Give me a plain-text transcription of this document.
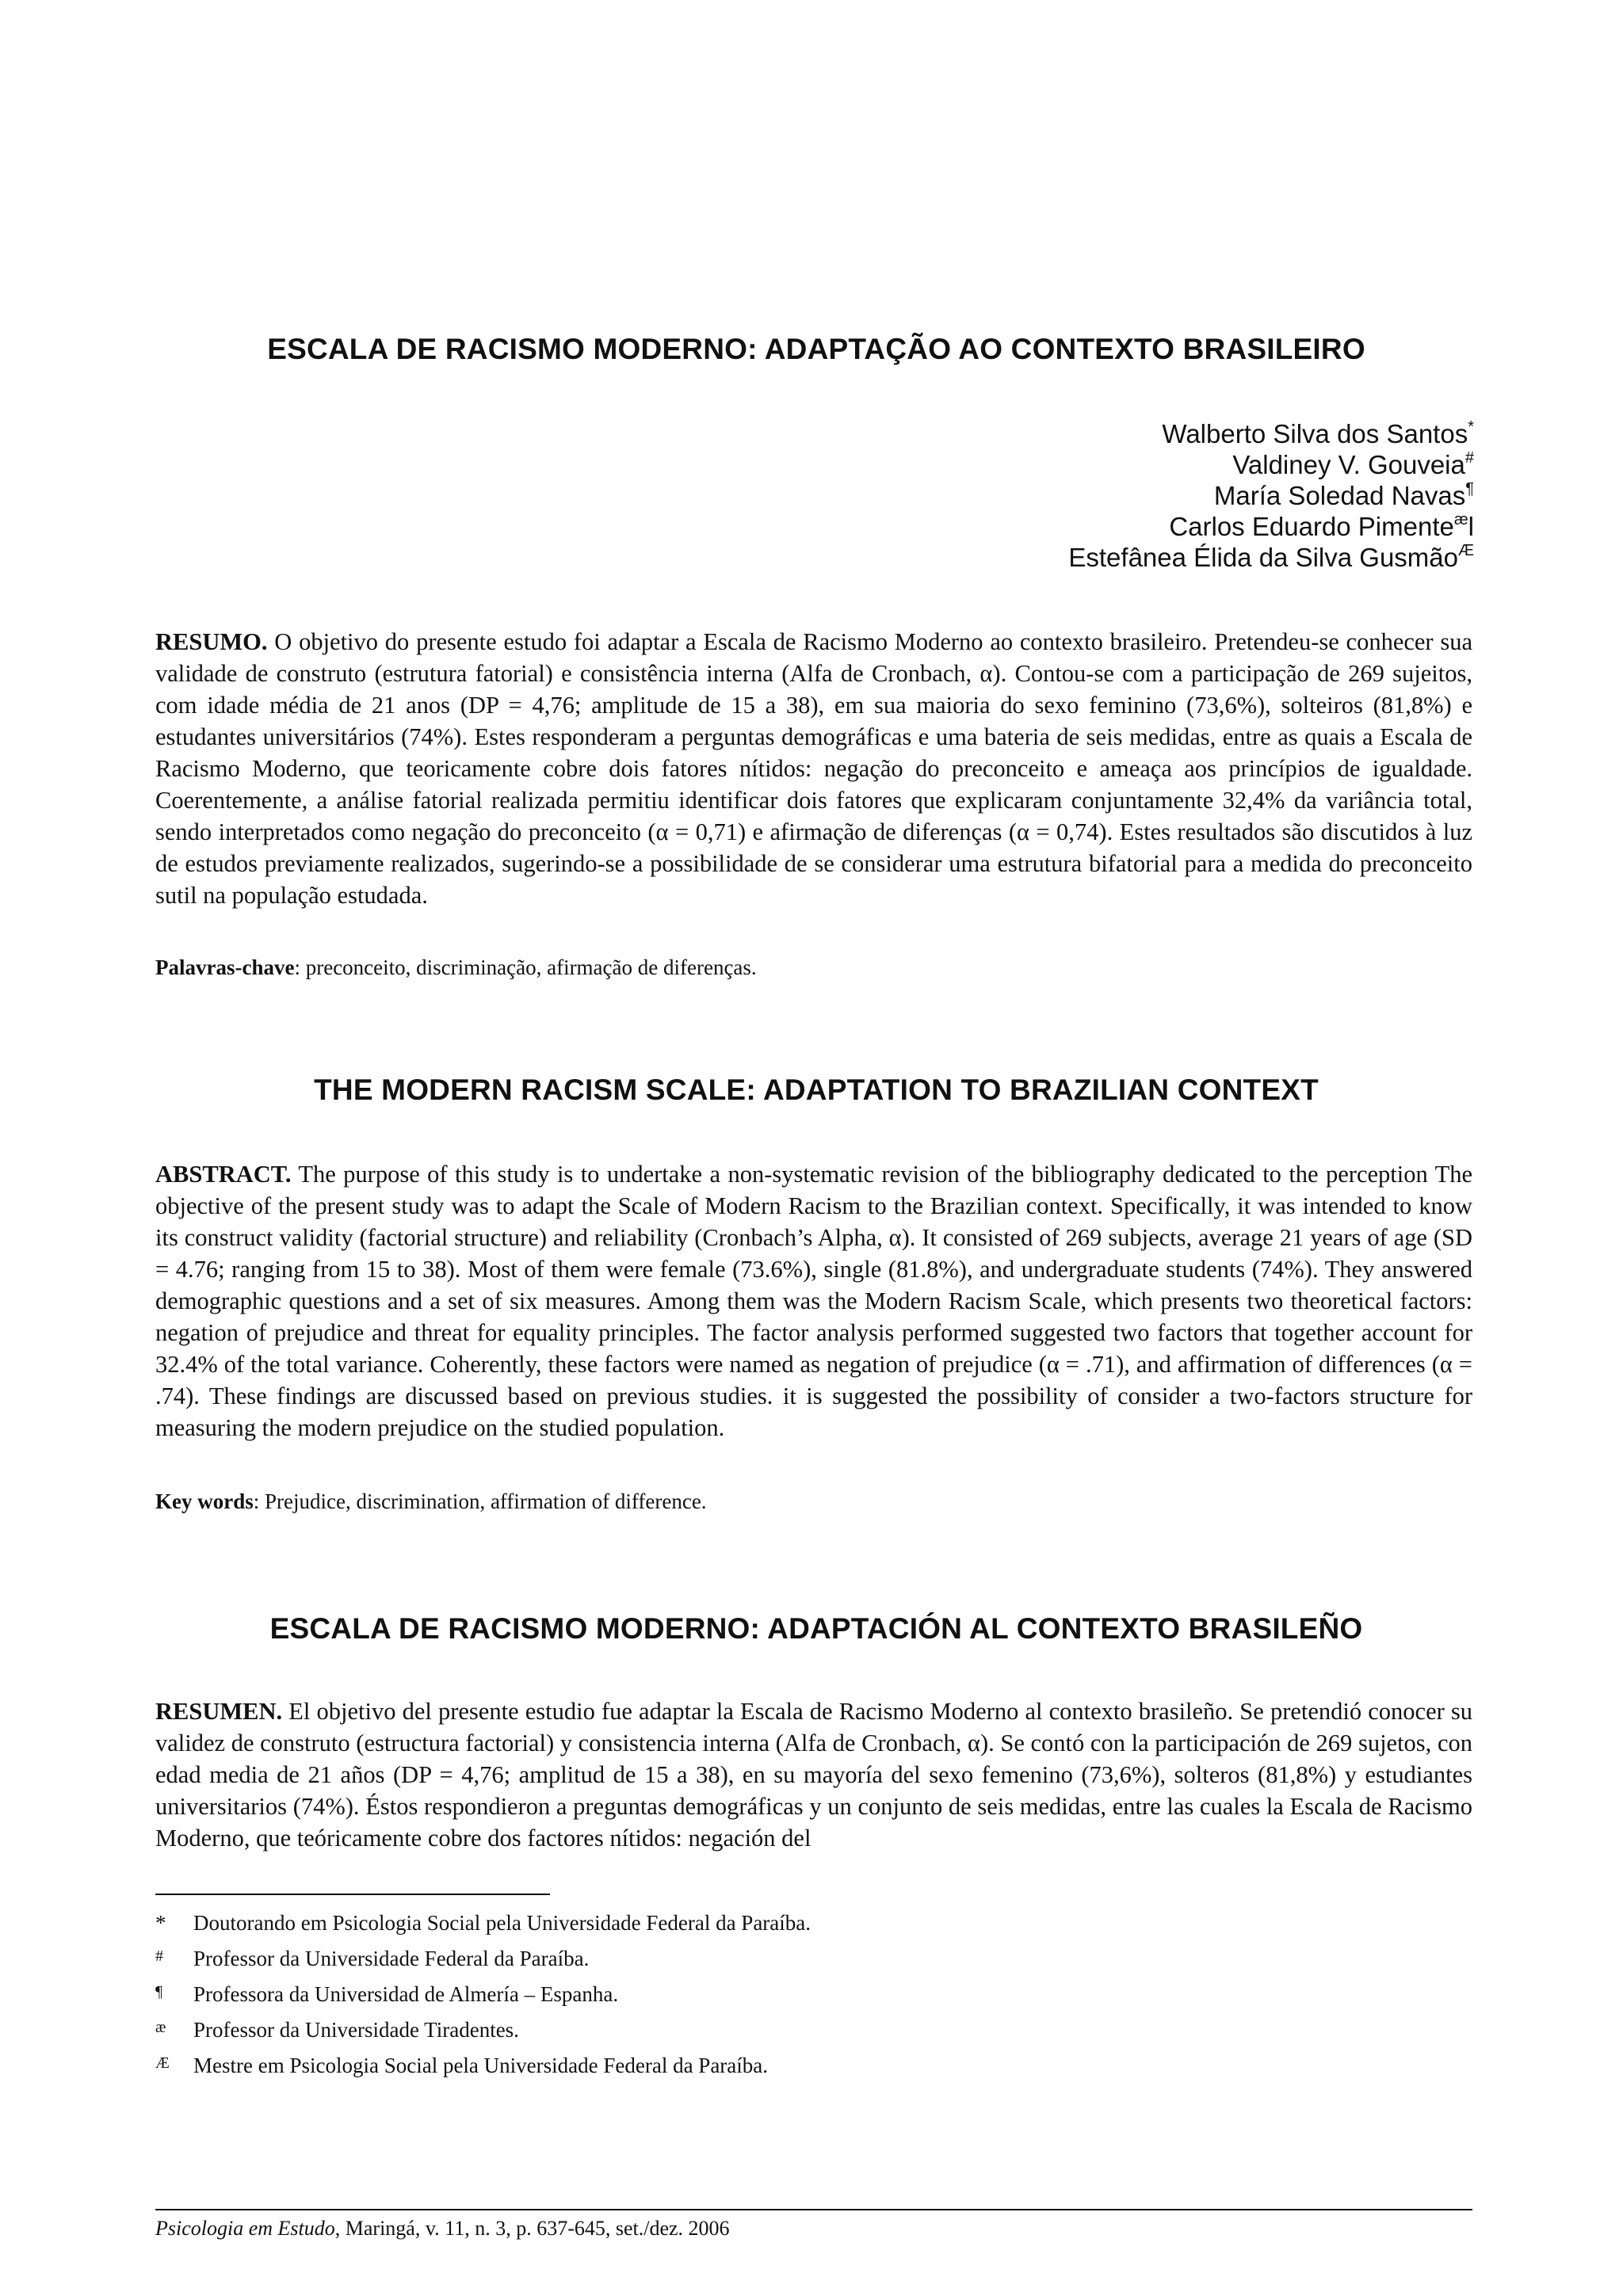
ESCALA DE RACISMO MODERNO: ADAPTAÇÃO AO CONTEXTO BRASILEIRO
Walberto Silva dos Santos*
Valdiney V. Gouveia#
María Soledad Navas¶
Carlos Eduardo Pimente$^æ$l
Estefânea Élida da Silva Gusmão$^Æ$
RESUMO. O objetivo do presente estudo foi adaptar a Escala de Racismo Moderno ao contexto brasileiro. Pretendeu-se conhecer sua validade de construto (estrutura fatorial) e consistência interna (Alfa de Cronbach, α). Contou-se com a participação de 269 sujeitos, com idade média de 21 anos (DP = 4,76; amplitude de 15 a 38), em sua maioria do sexo feminino (73,6%), solteiros (81,8%) e estudantes universitários (74%). Estes responderam a perguntas demográficas e uma bateria de seis medidas, entre as quais a Escala de Racismo Moderno, que teoricamente cobre dois fatores nítidos: negação do preconceito e ameaça aos princípios de igualdade. Coerentemente, a análise fatorial realizada permitiu identificar dois fatores que explicaram conjuntamente 32,4% da variância total, sendo interpretados como negação do preconceito (α = 0,71) e afirmação de diferenças (α = 0,74). Estes resultados são discutidos à luz de estudos previamente realizados, sugerindo-se a possibilidade de se considerar uma estrutura bifatorial para a medida do preconceito sutil na população estudada.
Palavras-chave: preconceito, discriminação, afirmação de diferenças.
THE MODERN RACISM SCALE: ADAPTATION TO BRAZILIAN CONTEXT
ABSTRACT. The purpose of this study is to undertake a non-systematic revision of the bibliography dedicated to the perception The objective of the present study was to adapt the Scale of Modern Racism to the Brazilian context. Specifically, it was intended to know its construct validity (factorial structure) and reliability (Cronbach’s Alpha, α). It consisted of 269 subjects, average 21 years of age (SD = 4.76; ranging from 15 to 38). Most of them were female (73.6%), single (81.8%), and undergraduate students (74%). They answered demographic questions and a set of six measures. Among them was the Modern Racism Scale, which presents two theoretical factors: negation of prejudice and threat for equality principles. The factor analysis performed suggested two factors that together account for 32.4% of the total variance. Coherently, these factors were named as negation of prejudice (α = .71), and affirmation of differences (α = .74). These findings are discussed based on previous studies. it is suggested the possibility of consider a two-factors structure for measuring the modern prejudice on the studied population.
Key words: Prejudice, discrimination, affirmation of difference.
ESCALA DE RACISMO MODERNO: ADAPTACIÓN AL CONTEXTO BRASILEÑO
RESUMEN. El objetivo del presente estudio fue adaptar la Escala de Racismo Moderno al contexto brasileño. Se pretendió conocer su validez de construto (estructura factorial) y consistencia interna (Alfa de Cronbach, α). Se contó con la participación de 269 sujetos, con edad media de 21 años (DP = 4,76; amplitud de 15 a 38), en su mayoría del sexo femenino (73,6%), solteros (81,8%) y estudiantes universitarios (74%). Éstos respondieron a preguntas demográficas y un conjunto de seis medidas, entre las cuales la Escala de Racismo Moderno, que teóricamente cobre dos factores nítidos: negación del
*	Doutorando em Psicologia Social pela Universidade Federal da Paraíba.
#	Professor da Universidade Federal da Paraíba.
¶	Professora da Universidad de Almería – Espanha.
æ	Professor da Universidade Tiradentes.
Æ	Mestre em Psicologia Social pela Universidade Federal da Paraíba.
Psicologia em Estudo, Maringá, v. 11, n. 3, p. 637-645, set./dez. 2006
